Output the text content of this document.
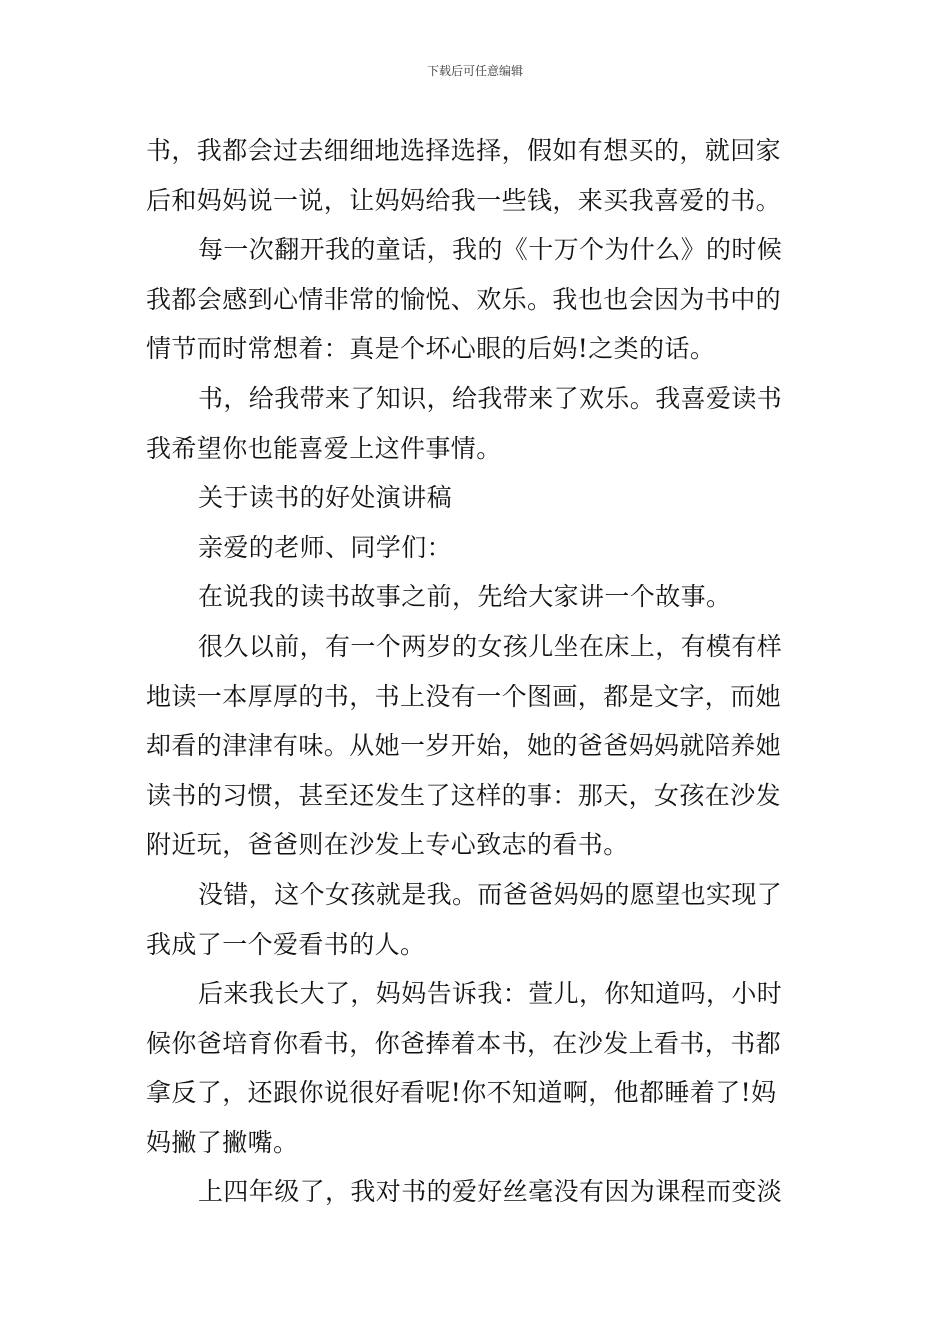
下载后可任意编辑
书，我都会过去细细地选择选择，假如有想买的，就回家
后和妈妈说一说，让妈妈给我一些钱，来买我喜爱的书。
每一次翻开我的童话，我的《十万个为什么》的时候
我都会感到心情非常的愉悦、欢乐。我也也会因为书中的
情节而时常想着：真是个坏心眼的后妈!之类的话。
书，给我带来了知识，给我带来了欢乐。我喜爱读书
我希望你也能喜爱上这件事情。
关于读书的好处演讲稿
亲爱的老师、同学们：
在说我的读书故事之前，先给大家讲一个故事。
很久以前，有一个两岁的女孩儿坐在床上，有模有样
地读一本厚厚的书，书上没有一个图画，都是文字，而她
却看的津津有味。从她一岁开始，她的爸爸妈妈就陪养她
读书的习惯，甚至还发生了这样的事：那天，女孩在沙发
附近玩，爸爸则在沙发上专心致志的看书。
没错，这个女孩就是我。而爸爸妈妈的愿望也实现了
我成了一个爱看书的人。
后来我长大了，妈妈告诉我：萱儿，你知道吗，小时
候你爸培育你看书，你爸捧着本书，在沙发上看书，书都
拿反了，还跟你说很好看呢!你不知道啊，他都睡着了!妈
妈撇了撇嘴。
上四年级了，我对书的爱好丝毫没有因为课程而变淡
